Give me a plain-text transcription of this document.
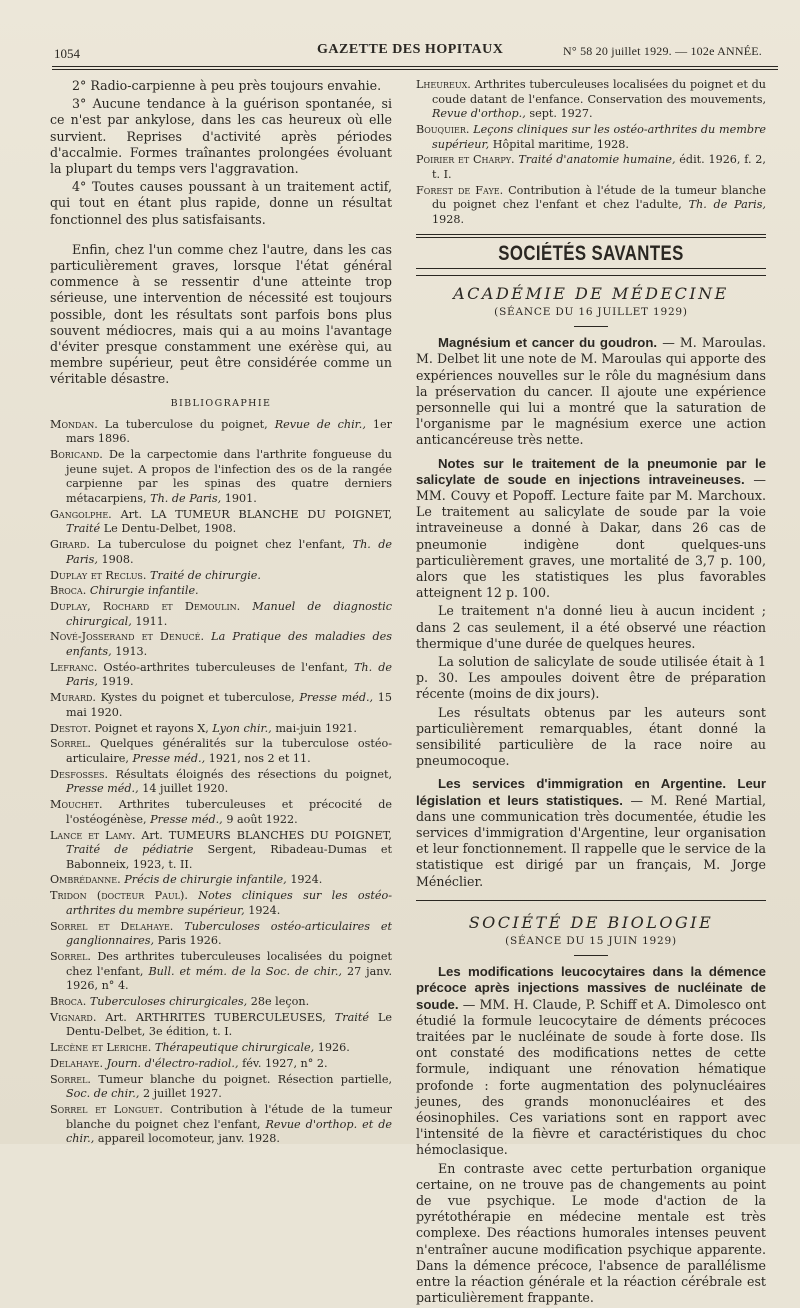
1054	GAZETTE DES HOPITAUX	N° 58 20 juillet 1929. — 102e ANNÉE.

2° Radio-carpienne à peu près toujours envahie.

3° Aucune tendance à la guérison spontanée, si ce n'est par ankylose, dans les cas heureux où elle survient. Reprises d'activité après périodes d'accalmie. Formes traînantes prolongées évoluant la plupart du temps vers l'aggravation.

4° Toutes causes poussant à un traitement actif, qui tout en étant plus rapide, donne un résultat fonctionnel des plus satisfaisants.

Enfin, chez l'un comme chez l'autre, dans les cas particulièrement graves, lorsque l'état général commence à se ressentir d'une atteinte trop sérieuse, une intervention de nécessité est toujours possible, dont les résultats sont parfois bons plus souvent médiocres, mais qui a au moins l'avantage d'éviter presque constamment une exérèse qui, au membre supérieur, peut être considérée comme un véritable désastre.

BIBLIOGRAPHIE

Mondan. La tuberculose du poignet, Revue de chir., 1er mars 1896.

Boricand. De la carpectomie dans l'arthrite fongueuse du jeune sujet. A propos de l'infection des os de la rangée carpienne par les spinas des quatre derniers métacarpiens, Th. de Paris, 1901.

Gangolphe. Art. LA TUMEUR BLANCHE DU POIGNET, Traité Le Dentu-Delbet, 1908.

Girard. La tuberculose du poignet chez l'enfant, Th. de Paris, 1908.

Duplay et Reclus. Traité de chirurgie.

Broca. Chirurgie infantile.

Duplay, Rochard et Demoulin. Manuel de diagnostic chirurgical, 1911.

Nové-Josserand et Denucé. La Pratique des maladies des enfants, 1913.

Lefranc. Ostéo-arthrites tuberculeuses de l'enfant, Th. de Paris, 1919.

Murard. Kystes du poignet et tuberculose, Presse méd., 15 mai 1920.

Destot. Poignet et rayons X, Lyon chir., mai-juin 1921.

Sorrel. Quelques généralités sur la tuberculose ostéo-articulaire, Presse méd., 1921, nos 2 et 11.

Desfosses. Résultats éloignés des résections du poignet, Presse méd., 14 juillet 1920.

Mouchet. Arthrites tuberculeuses et précocité de l'ostéogénèse, Presse méd., 9 août 1922.

Lance et Lamy. Art. TUMEURS BLANCHES DU POIGNET, Traité de pédiatrie Sergent, Ribadeau-Dumas et Babonneix, 1923, t. II.

Ombrédanne. Précis de chirurgie infantile, 1924.

Tridon (docteur Paul). Notes cliniques sur les ostéo-arthrites du membre supérieur, 1924.

Sorrel et Delahaye. Tuberculoses ostéo-articulaires et ganglionnaires, Paris 1926.

Sorrel. Des arthrites tuberculeuses localisées du poignet chez l'enfant, Bull. et mém. de la Soc. de chir., 27 janv. 1926, n° 4.

Broca. Tuberculoses chirurgicales, 28e leçon.

Vignard. Art. ARTHRITES TUBERCULEUSES, Traité Le Dentu-Delbet, 3e édition, t. I.

Lecène et Leriche. Thérapeutique chirurgicale, 1926.

Delahaye. Journ. d'électro-radiol., fév. 1927, n° 2.

Sorrel. Tumeur blanche du poignet. Résection partielle, Soc. de chir., 2 juillet 1927.

Sorrel et Longuet. Contribution à l'étude de la tumeur blanche du poignet chez l'enfant, Revue d'orthop. et de chir., appareil locomoteur, janv. 1928.

Lheureux. Arthrites tuberculeuses localisées du poignet et du coude datant de l'enfance. Conservation des mouvements, Revue d'orthop., sept. 1927.

Bouquier. Leçons cliniques sur les ostéo-arthrites du membre supérieur, Hôpital maritime, 1928.

Poirier et Charpy. Traité d'anatomie humaine, édit. 1926, f. 2, t. I.

Forest de Faye. Contribution à l'étude de la tumeur blanche du poignet chez l'enfant et chez l'adulte, Th. de Paris, 1928.

SOCIÉTÉS SAVANTES
ACADÉMIE DE MÉDECINE
(SÉANCE DU 16 JUILLET 1929)

Magnésium et cancer du goudron. — M. Maroulas. M. Delbet lit une note de M. Maroulas qui apporte des expériences nouvelles sur le rôle du magnésium dans la préservation du cancer. Il ajoute une expérience personnelle qui lui a montré que la saturation de l'organisme par le magnésium exerce une action anticancéreuse très nette.

Notes sur le traitement de la pneumonie par le salicylate de soude en injections intraveineuses. — MM. Couvy et Popoff. Lecture faite par M. Marchoux. Le traitement au salicylate de soude par la voie intraveineuse a donné à Dakar, dans 26 cas de pneumonie indigène dont quelques-uns particulièrement graves, une mortalité de 3,7 p. 100, alors que les statistiques les plus favorables atteignent 12 p. 100.

Le traitement n'a donné lieu à aucun incident ; dans 2 cas seulement, il a été observé une réaction thermique d'une durée de quelques heures.

La solution de salicylate de soude utilisée était à 1 p. 30. Les ampoules doivent être de préparation récente (moins de dix jours).

Les résultats obtenus par les auteurs sont particulièrement remarquables, étant donné la sensibilité particulière de la race noire au pneumocoque.

Les services d'immigration en Argentine. Leur législation et leurs statistiques. — M. René Martial, dans une communication très documentée, étudie les services d'immigration d'Argentine, leur organisation et leur fonctionnement. Il rappelle que le service de la statistique est dirigé par un français, M. Jorge Ménéclier.

SOCIÉTÉ DE BIOLOGIE
(SÉANCE DU 15 JUIN 1929)

Les modifications leucocytaires dans la démence précoce après injections massives de nucléinate de soude. — MM. H. Claude, P. Schiff et A. Dimolesco ont étudié la formule leucocytaire de déments précoces traitées par le nucléinate de soude à forte dose. Ils ont constaté des modifications nettes de cette formule, indiquant une rénovation hématique profonde : forte augmentation des polynucléaires jeunes, des grands mononucléaires et des éosinophiles. Ces variations sont en rapport avec l'intensité de la fièvre et caractéristiques du choc hémoclasique.

En contraste avec cette perturbation organique certaine, on ne trouve pas de changements au point de vue psychique. Le mode d'action de la pyrétothérapie en médecine mentale est très complexe. Des réactions humorales intenses peuvent n'entraîner aucune modification psychique apparente. Dans la démence précoce, l'absence de parallélisme entre la réaction générale et la réaction cérébrale est particulièrement frappante.
